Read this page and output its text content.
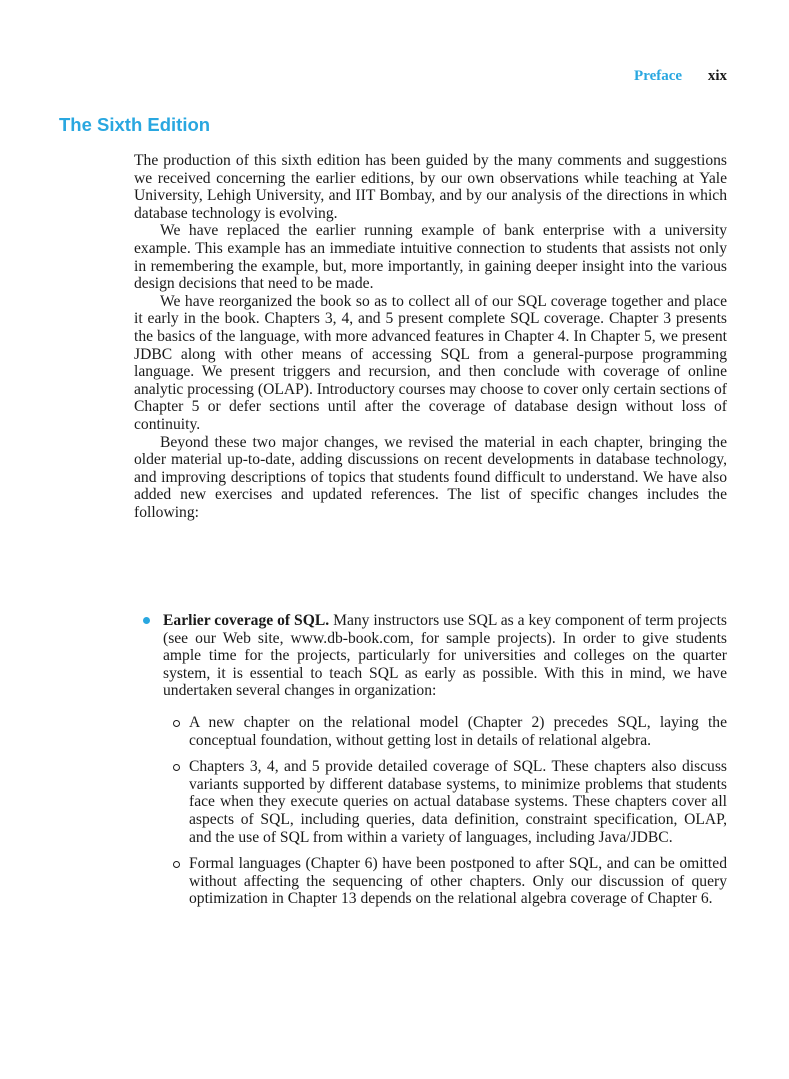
Preface xix
The Sixth Edition

The production of this sixth edition has been guided by the many comments and suggestions we received concerning the earlier editions, by our own observations while teaching at Yale University, Lehigh University, and IIT Bombay, and by our analysis of the directions in which database technology is evolving.

We have replaced the earlier running example of bank enterprise with a university example. This example has an immediate intuitive connection to students that assists not only in remembering the example, but, more importantly, in gaining deeper insight into the various design decisions that need to be made.

We have reorganized the book so as to collect all of our SQL coverage together and place it early in the book. Chapters 3, 4, and 5 present complete SQL coverage. Chapter 3 presents the basics of the language, with more advanced features in Chapter 4. In Chapter 5, we present JDBC along with other means of accessing SQL from a general-purpose programming language. We present triggers and recursion, and then conclude with coverage of online analytic processing (OLAP). Introductory courses may choose to cover only certain sections of Chapter 5 or defer sections until after the coverage of database design without loss of continuity.

Beyond these two major changes, we revised the material in each chapter, bringing the older material up-to-date, adding discussions on recent developments in database technology, and improving descriptions of topics that students found difficult to understand. We have also added new exercises and updated references. The list of specific changes includes the following:

Earlier coverage of SQL. Many instructors use SQL as a key component of term projects (see our Web site, www.db-book.com, for sample projects). In order to give students ample time for the projects, particularly for universities and colleges on the quarter system, it is essential to teach SQL as early as possible. With this in mind, we have undertaken several changes in organization:
A new chapter on the relational model (Chapter 2) precedes SQL, laying the conceptual foundation, without getting lost in details of relational algebra.
Chapters 3, 4, and 5 provide detailed coverage of SQL. These chapters also discuss variants supported by different database systems, to minimize problems that students face when they execute queries on actual database systems. These chapters cover all aspects of SQL, including queries, data definition, constraint specification, OLAP, and the use of SQL from within a variety of languages, including Java/JDBC.
Formal languages (Chapter 6) have been postponed to after SQL, and can be omitted without affecting the sequencing of other chapters. Only our discussion of query optimization in Chapter 13 depends on the relational algebra coverage of Chapter 6.
